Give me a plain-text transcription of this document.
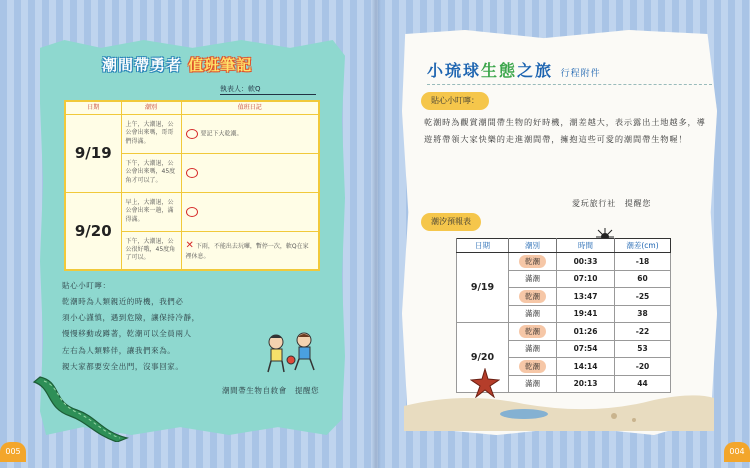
潮間帶勇者 值班筆記
執表人：軟Q
日期	潮別	值班日記
9/19	上午，大潮退，公公會出來嗎，哥哥們得滿。	要記下大乾潮。
	下午，大潮退，公公會出來嗎，45度角才可以了。	
9/20	早上，大潮退，公公會出來一趟，滿得滿。	
	下午，大潮退，公公很好哦，45度角了可以。	✕ 下雨，不能出去玩囉，暫停一次，軟Q在家裡休息。
貼心小叮嚀：
乾潮時為人類親近的時機，我們必
須小心謹慎，遇到危險，讓保持冷靜，
慢慢移動或蹲著，乾潮可以全員兩人
左右為人類夥伴，讓我們來為。
親大家都要安全出門，沒事回家。
潮間帶生物自救會　提醒您
005
小琉球生態之旅 行程附件
貼心小叮嚀：
乾潮時為觀賞潮間帶生物的好時機，潮差越大，表示露出土地越多，導遊將帶領大家快樂的走進潮間帶，擁抱這些可愛的潮間帶生物喔！
愛玩旅行社　提醒您
潮汐預報表
日期	潮別	時間	潮差(cm)
9/19	乾潮	00:33	-18
	滿潮	07:10	60
	乾潮	13:47	-25
	滿潮	19:41	38
9/20	乾潮	01:26	-22
	滿潮	07:54	53
	乾潮	14:14	-20
	滿潮	20:13	44
004
